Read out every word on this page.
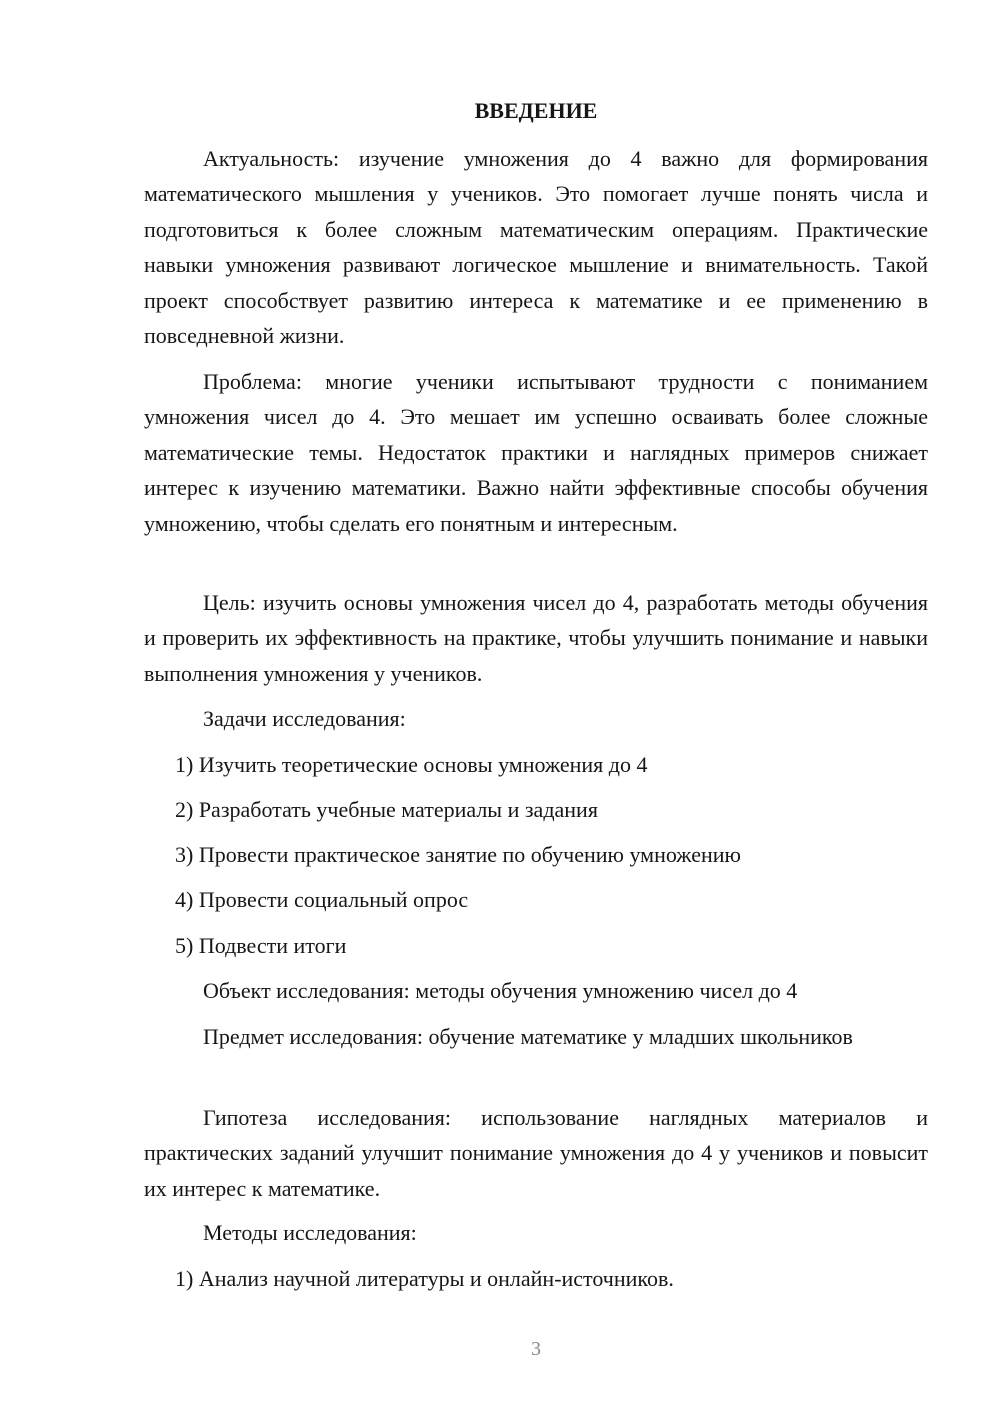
ВВЕДЕНИЕ

Актуальность: изучение умножения до 4 важно для формирования математического мышления у учеников. Это помогает лучше понять числа и подготовиться к более сложным математическим операциям. Практические навыки умножения развивают логическое мышление и внимательность. Такой проект способствует развитию интереса к математике и ее применению в повседневной жизни.

Проблема: многие ученики испытывают трудности с пониманием умножения чисел до 4. Это мешает им успешно осваивать более сложные математические темы. Недостаток практики и наглядных примеров снижает интерес к изучению математики. Важно найти эффективные способы обучения умножению, чтобы сделать его понятным и интересным.

Цель: изучить основы умножения чисел до 4, разработать методы обучения и проверить их эффективность на практике, чтобы улучшить понимание и навыки выполнения умножения у учеников.

Задачи исследования:

1) Изучить теоретические основы умножения до 4

2) Разработать учебные материалы и задания

3) Провести практическое занятие по обучению умножению

4) Провести социальный опрос

5) Подвести итоги

Объект исследования: методы обучения умножению чисел до 4

Предмет исследования: обучение математике у младших школьников

Гипотеза исследования: использование наглядных материалов и практических заданий улучшит понимание умножения до 4 у учеников и повысит их интерес к математике.

Методы исследования:

1) Анализ научной литературы и онлайн-источников.

3
